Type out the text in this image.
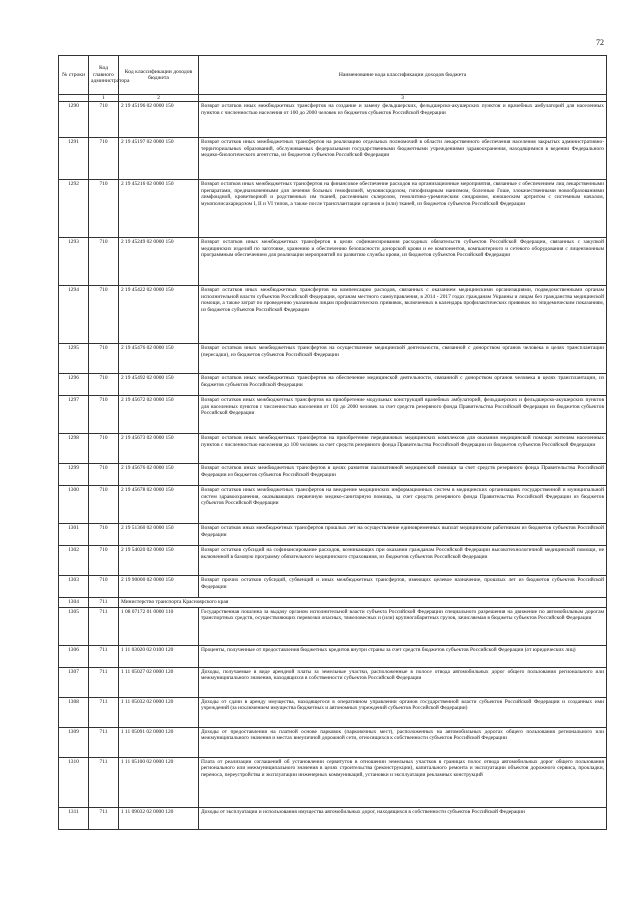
72
№ строки	Код главного администратора	Код классификации доходов бюджета	Наименование кода классификации доходов бюджета
	1	2	3
1290	710	2 19 45196 02 0000 150	Возврат остатков иных межбюджетных трансфертов на создание и замену фельдшерских, фельдшерско-акушерских пунктов и врачебных амбулаторий для населенных пунктов с численностью населения от 100 до 2000 человек из бюджетов субъектов Российской Федерации
1291	710	2 19 45197 02 0000 150	Возврат остатков иных межбюджетных трансфертов на реализацию отдельных полномочий в области лекарственного обеспечения населения закрытых административно-территориальных образований, обслуживаемых федеральными государственными бюджетными учреждениями здравоохранения, находящимися в ведении Федерального медико-биологического агентства, из бюджетов субъектов Российской Федерации
1292	710	2 19 45216 02 0000 150	Возврат остатков иных межбюджетных трансфертов на финансовое обеспечение расходов на организационные мероприятия, связанные с обеспечением лиц лекарственными препаратами, предназначенными для лечения больных гемофилией, муковисцидозом, гипофизарным нанизмом, болезнью Гоше, злокачественными новообразованиями лимфоидной, кроветворной и родственных им тканей, рассеянным склерозом, гемолитико-уремическим синдромом, юношеским артритом с системным началом, мукополисахаридозом I, II и VI типов, а также после трансплантации органов и (или) тканей, из бюджетов субъектов Российской Федерации
1293	710	2 19 45249 02 0000 150	Возврат остатков иных межбюджетных трансфертов в целях софинансирования расходных обязательств субъектов Российской Федерации, связанных с закупкой медицинских изделий по заготовке, хранению и обеспечению безопасности донорской крови и ее компонентов, компьютерного и сетевого оборудования с лицензионным программным обеспечением для реализации мероприятий по развитию службы крови, из бюджетов субъектов Российской Федерации
1294	710	2 19 45422 02 0000 150	Возврат остатков иных межбюджетных трансфертов на компенсацию расходов, связанных с оказанием медицинскими организациями, подведомственными органам исполнительной власти субъектов Российской Федерации, органам местного самоуправления, в 2014 - 2017 годах гражданам Украины и лицам без гражданства медицинской помощи, а также затрат по проведению указанным лицам профилактических прививок, включенных в календарь профилактических прививок по эпидемическим показаниям, из бюджетов субъектов Российской Федерации
1295	710	2 19 45476 02 0000 150	Возврат остатков иных межбюджетных трансфертов на осуществление медицинской деятельности, связанной с донорством органов человека в целях трансплантации (пересадки), из бюджетов субъектов Российской Федерации
1296	710	2 19 45492 02 0000 150	Возврат остатков иных межбюджетных трансфертов на обеспечение медицинской деятельности, связанной с донорством органов человека в целях трансплантации, из бюджетов субъектов Российской Федерации
1297	710	2 19 45672 02 0000 150	Возврат остатков иных межбюджетных трансфертов на приобретение модульных конструкций врачебных амбулаторий, фельдшерских и фельдшерско-акушерских пунктов для населенных пунктов с численностью населения от 101 до 2000 человек за счет средств резервного фонда Правительства Российской Федерации из бюджетов субъектов Российской Федерации
1298	710	2 19 45673 02 0000 150	Возврат остатков иных межбюджетных трансфертов на приобретение передвижных медицинских комплексов для оказания медицинской помощи жителям населенных пунктов с численностью населения до 100 человек за счет средств резервного фонда Правительства Российской Федерации из бюджетов субъектов Российской Федерации
1299	710	2 19 45676 02 0000 150	Возврат остатков иных межбюджетных трансфертов в целях развития паллиативной медицинской помощи за счет средств резервного фонда Правительства Российской Федерации из бюджетов субъектов Российской Федерации
1300	710	2 19 45678 02 0000 150	Возврат остатков иных межбюджетных трансфертов на внедрение медицинских информационных систем в медицинских организациях государственной и муниципальной систем здравоохранения, оказывающих первичную медико-санитарную помощь, за счет средств резервного фонда Правительства Российской Федерации из бюджетов субъектов Российской Федерации
1301	710	2 19 51360 02 0000 150	Возврат остатков иных межбюджетных трансфертов прошлых лет на осуществление единовременных выплат медицинским работникам из бюджетов субъектов Российской Федерации
1302	710	2 19 54020 02 0000 150	Возврат остатков субсидий на софинансирование расходов, возникающих при оказании гражданам Российской Федерации высокотехнологичной медицинской помощи, не включенной в базовую программу обязательного медицинского страхования, из бюджетов субъектов Российской Федерации
1303	710	2 19 90000 02 0000 150	Возврат прочих остатков субсидий, субвенций и иных межбюджетных трансфертов, имеющих целевое назначение, прошлых лет из бюджетов субъектов Российской Федерации
1304	711	Министерство транспорта Красноярского края	
1305	711	1 08 07172 01 0000 110	Государственная пошлина за выдачу органом исполнительной власти субъекта Российской Федерации специального разрешения на движение по автомобильным дорогам транспортных средств, осуществляющих перевозки опасных, тяжеловесных и (или) крупногабаритных грузов, зачисляемая в бюджеты субъектов Российской Федерации
1306	711	1 11 03020 02 0100 120	Проценты, полученные от предоставления бюджетных кредитов внутри страны за счет средств бюджетов субъектов Российской Федерации (от юридических лиц)
1307	711	1 11 05027 02 0000 120	Доходы, получаемые в виде арендной платы за земельные участки, расположенные в полосе отвода автомобильных дорог общего пользования регионального или межмуниципального значения, находящихся в собственности субъектов Российской Федерации
1308	711	1 11 05032 02 0000 120	Доходы от сдачи в аренду имущества, находящегося в оперативном управлении органов государственной власти субъектов Российской Федерации и созданных ими учреждений (за исключением имущества бюджетных и автономных учреждений субъектов Российской Федерации)
1309	711	1 11 05091 02 0000 120	Доходы от предоставления на платной основе парковок (парковочных мест), расположенных на автомобильных дорогах общего пользования регионального или межмуниципального значения и местах внеуличной дорожной сети, относящихся к собственности субъектов Российской Федерации
1310	711	1 11 05100 02 0000 120	Плата от реализации соглашений об установлении сервитутов в отношении земельных участков в границах полос отвода автомобильных дорог общего пользования регионального или межмуниципального значения в целях строительства (реконструкции), капитального ремонта и эксплуатации объектов дорожного сервиса, прокладки, переноса, переустройства и эксплуатации инженерных коммуникаций, установки и эксплуатации рекламных конструкций
1311	711	1 11 09032 02 0000 120	Доходы от эксплуатации и использования имущества автомобильных дорог, находящихся в собственности субъектов Российской Федерации
